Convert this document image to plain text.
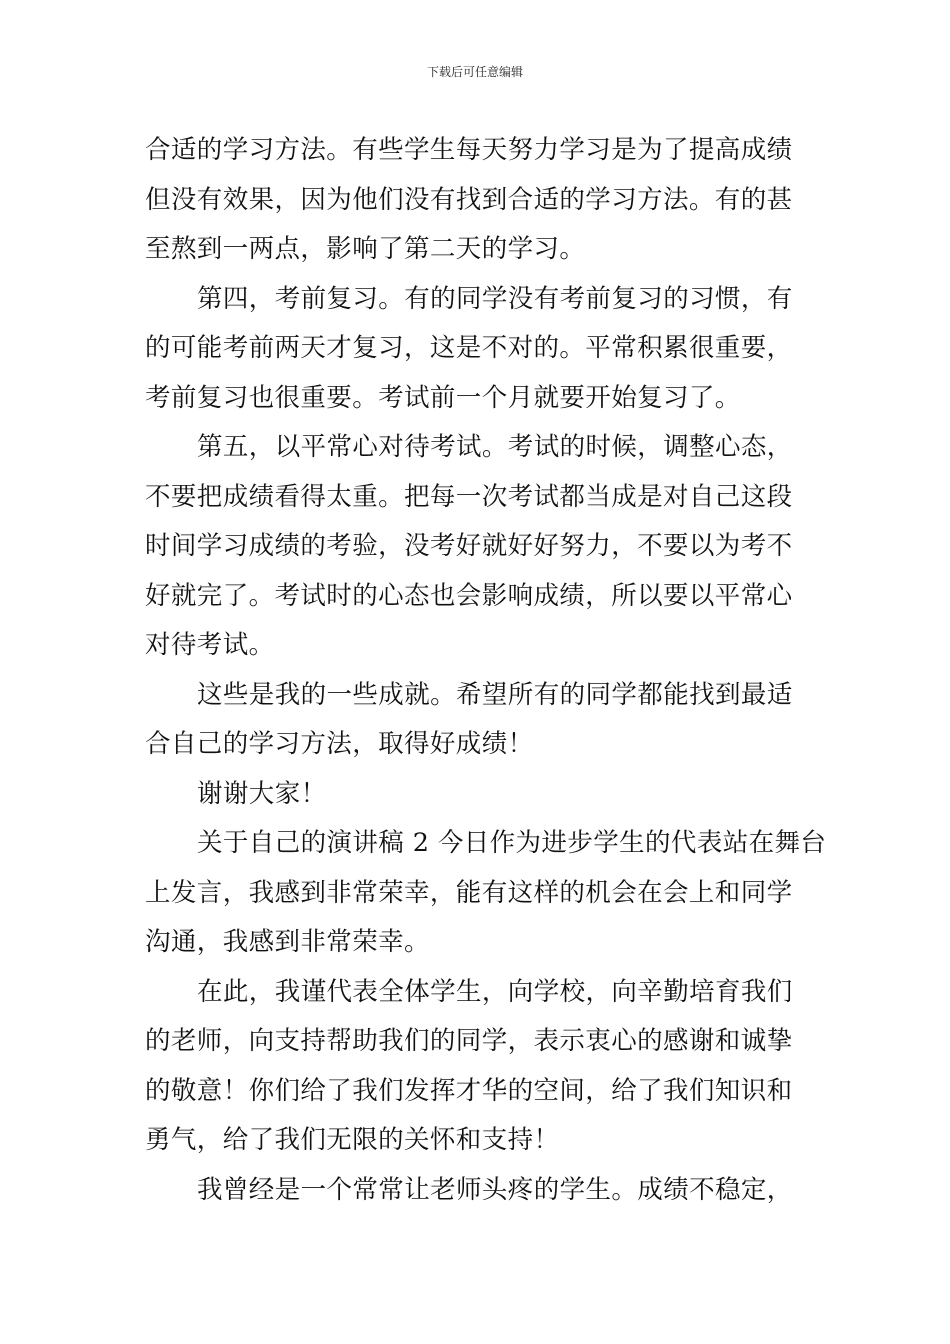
下载后可任意编辑
合适的学习方法。有些学生每天努力学习是为了提高成绩
但没有效果，因为他们没有找到合适的学习方法。有的甚
至熬到一两点，影响了第二天的学习。
第四，考前复习。有的同学没有考前复习的习惯，有
的可能考前两天才复习，这是不对的。平常积累很重要，
考前复习也很重要。考试前一个月就要开始复习了。
第五，以平常心对待考试。考试的时候，调整心态，
不要把成绩看得太重。把每一次考试都当成是对自己这段
时间学习成绩的考验，没考好就好好努力，不要以为考不
好就完了。考试时的心态也会影响成绩，所以要以平常心
对待考试。
这些是我的一些成就。希望所有的同学都能找到最适
合自己的学习方法，取得好成绩！
谢谢大家！
关于自己的演讲稿 2 今日作为进步学生的代表站在舞台
上发言，我感到非常荣幸，能有这样的机会在会上和同学
沟通，我感到非常荣幸。
在此，我谨代表全体学生，向学校，向辛勤培育我们
的老师，向支持帮助我们的同学，表示衷心的感谢和诚挚
的敬意！你们给了我们发挥才华的空间，给了我们知识和
勇气，给了我们无限的关怀和支持！
我曾经是一个常常让老师头疼的学生。成绩不稳定，
